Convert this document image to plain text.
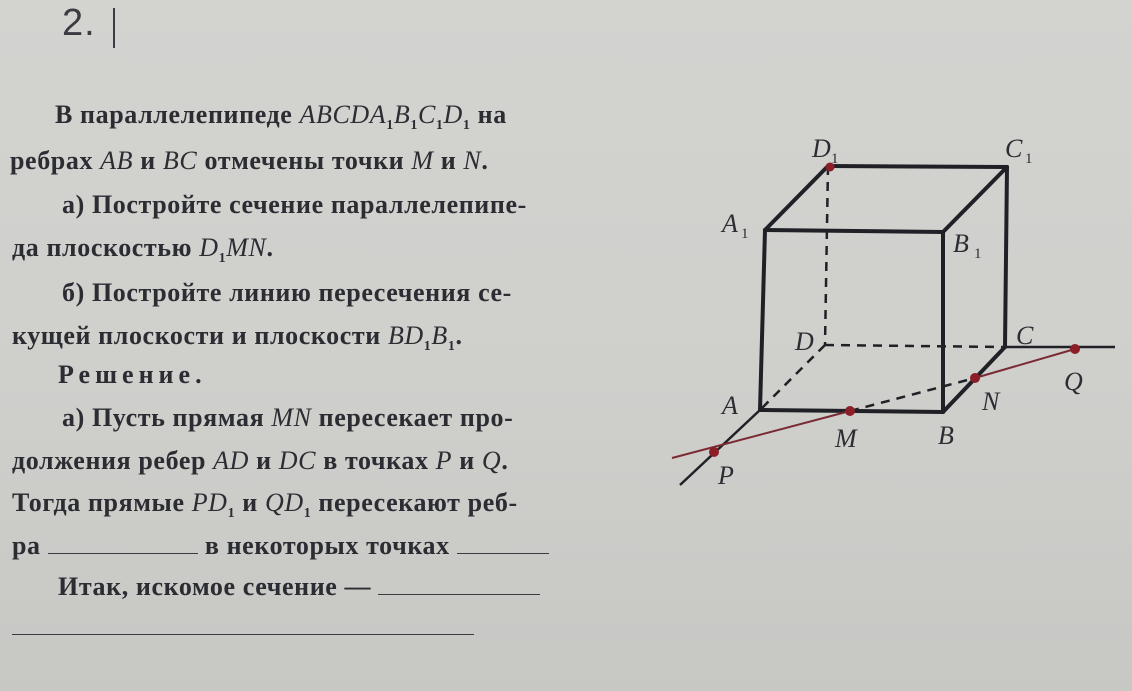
2.
В параллелепипеде $ABCDA_1B_1C_1D_1$ на
ребрах AB и BC отмечены точки M и N.
а) Постройте сечение параллелепипе-
да плоскостью $D_1MN$.
б) Постройте линию пересечения се-
кущей плоскости и плоскости $BD_1B_1$.
Решение.
а) Пусть прямая MN пересекает про-
должения ребер AD и DC в точках P и Q.
Тогда прямые $PD_1$ и $QD_1$ пересекают реб-
ра	в некоторых точках
Итак, искомое сечение —
D 1	C 1
A 1	B 1
D	C
A
B
M
N
P
Q
